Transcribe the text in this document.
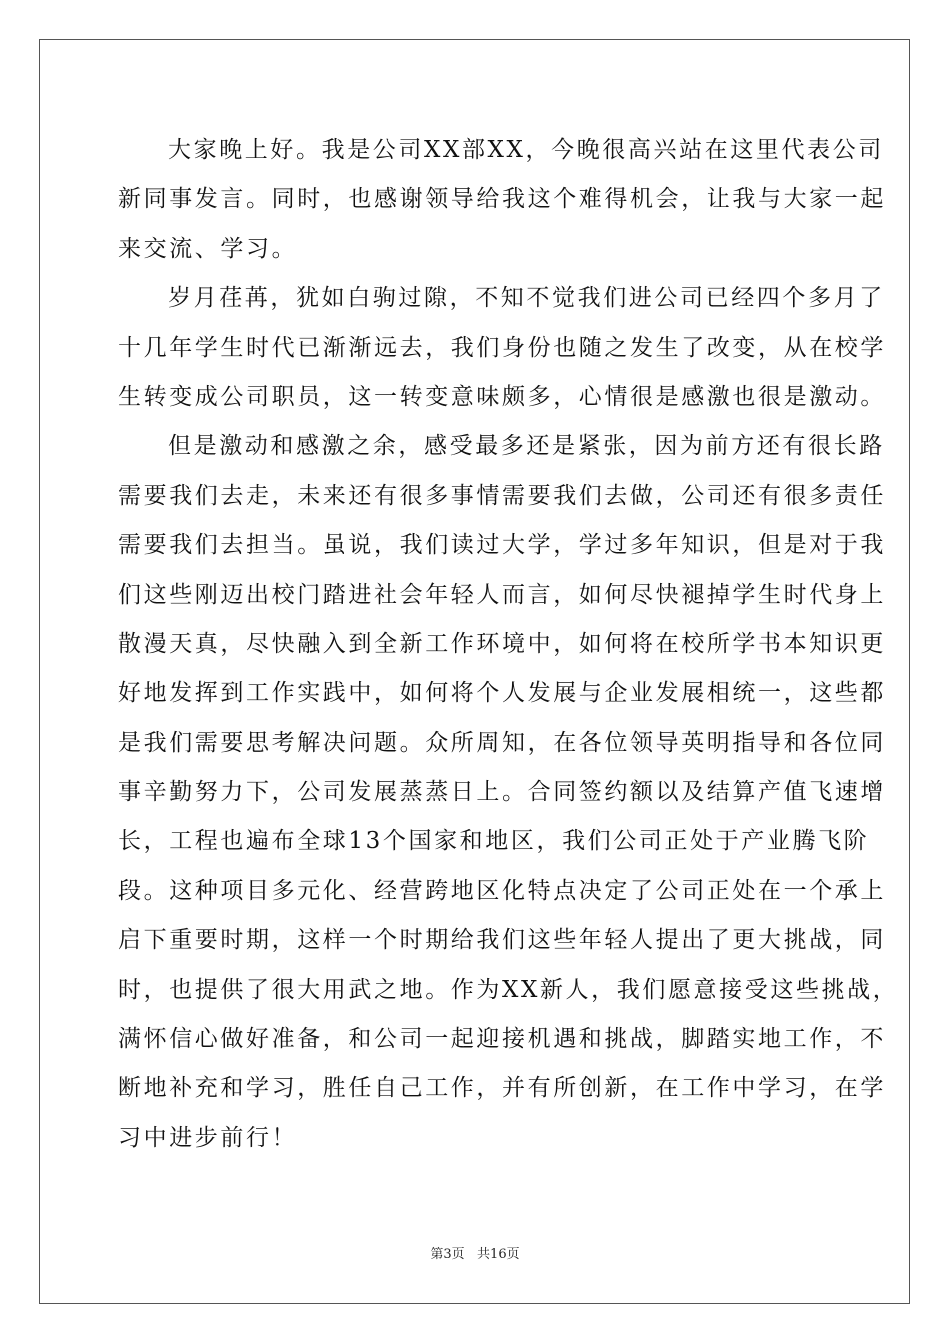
大家晚上好。我是公司XX部XX，今晚很高兴站在这里代表公司

新同事发言。同时，也感谢领导给我这个难得机会，让我与大家一起

来交流、学习。

岁月荏苒，犹如白驹过隙，不知不觉我们进公司已经四个多月了

十几年学生时代已渐渐远去，我们身份也随之发生了改变，从在校学

生转变成公司职员，这一转变意味颇多，心情很是感激也很是激动。

但是激动和感激之余，感受最多还是紧张，因为前方还有很长路

需要我们去走，未来还有很多事情需要我们去做，公司还有很多责任

需要我们去担当。虽说，我们读过大学，学过多年知识，但是对于我

们这些刚迈出校门踏进社会年轻人而言，如何尽快褪掉学生时代身上

散漫天真，尽快融入到全新工作环境中，如何将在校所学书本知识更

好地发挥到工作实践中，如何将个人发展与企业发展相统一，这些都

是我们需要思考解决问题。众所周知，在各位领导英明指导和各位同

事辛勤努力下，公司发展蒸蒸日上。合同签约额以及结算产值飞速增

长，工程也遍布全球13个国家和地区，我们公司正处于产业腾飞阶

段。这种项目多元化、经营跨地区化特点决定了公司正处在一个承上

启下重要时期，这样一个时期给我们这些年轻人提出了更大挑战，同

时，也提供了很大用武之地。作为XX新人，我们愿意接受这些挑战，

满怀信心做好准备，和公司一起迎接机遇和挑战，脚踏实地工作，不

断地补充和学习，胜任自己工作，并有所创新，在工作中学习，在学

习中进步前行！

第3页   共16页
